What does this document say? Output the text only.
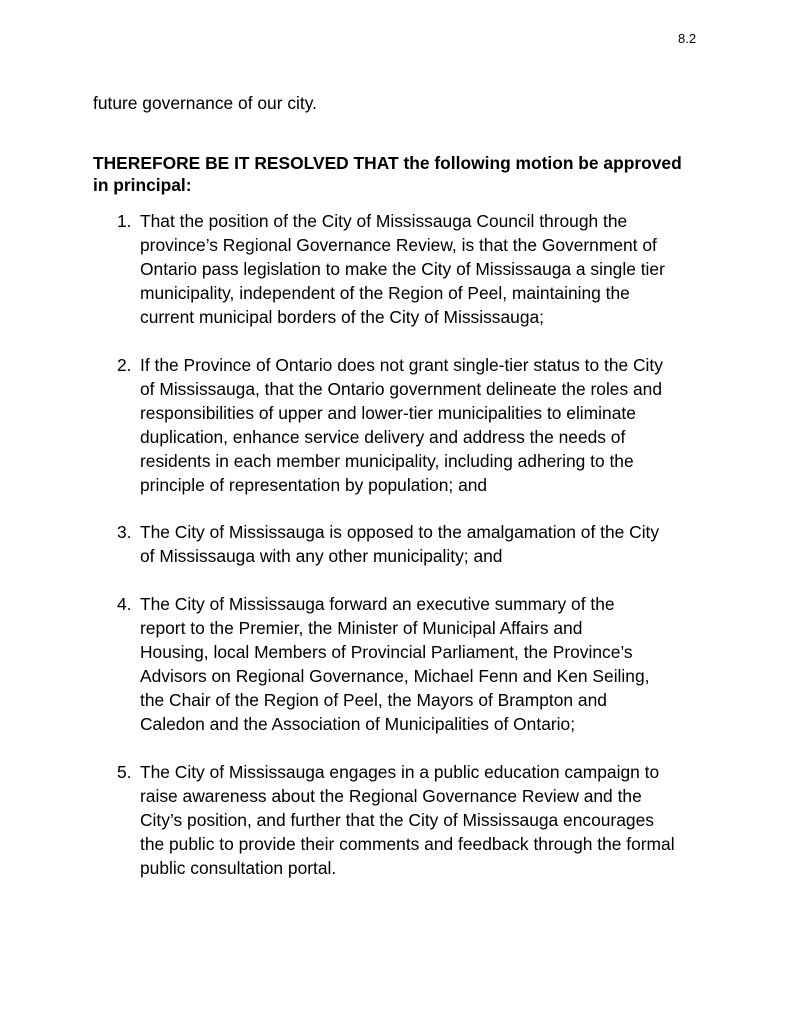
8.2
future governance of our city.
THEREFORE BE IT RESOLVED THAT the following motion be approved
in principal:
1. That the position of the City of Mississauga Council through the
province’s Regional Governance Review, is that the Government of
Ontario pass legislation to make the City of Mississauga a single tier
municipality, independent of the Region of Peel, maintaining the
current municipal borders of the City of Mississauga;
2. If the Province of Ontario does not grant single-tier status to the City
of Mississauga, that the Ontario government delineate the roles and
responsibilities of upper and lower-tier municipalities to eliminate
duplication, enhance service delivery and address the needs of
residents in each member municipality, including adhering to the
principle of representation by population; and
3. The City of Mississauga is opposed to the amalgamation of the City
of Mississauga with any other municipality; and
4. The City of Mississauga forward an executive summary of the
report to the Premier, the Minister of Municipal Affairs and
Housing, local Members of Provincial Parliament, the Province’s
Advisors on Regional Governance, Michael Fenn and Ken Seiling,
the Chair of the Region of Peel, the Mayors of Brampton and
Caledon and the Association of Municipalities of Ontario;
5. The City of Mississauga engages in a public education campaign to
raise awareness about the Regional Governance Review and the
City’s position, and further that the City of Mississauga encourages
the public to provide their comments and feedback through the formal
public consultation portal.
